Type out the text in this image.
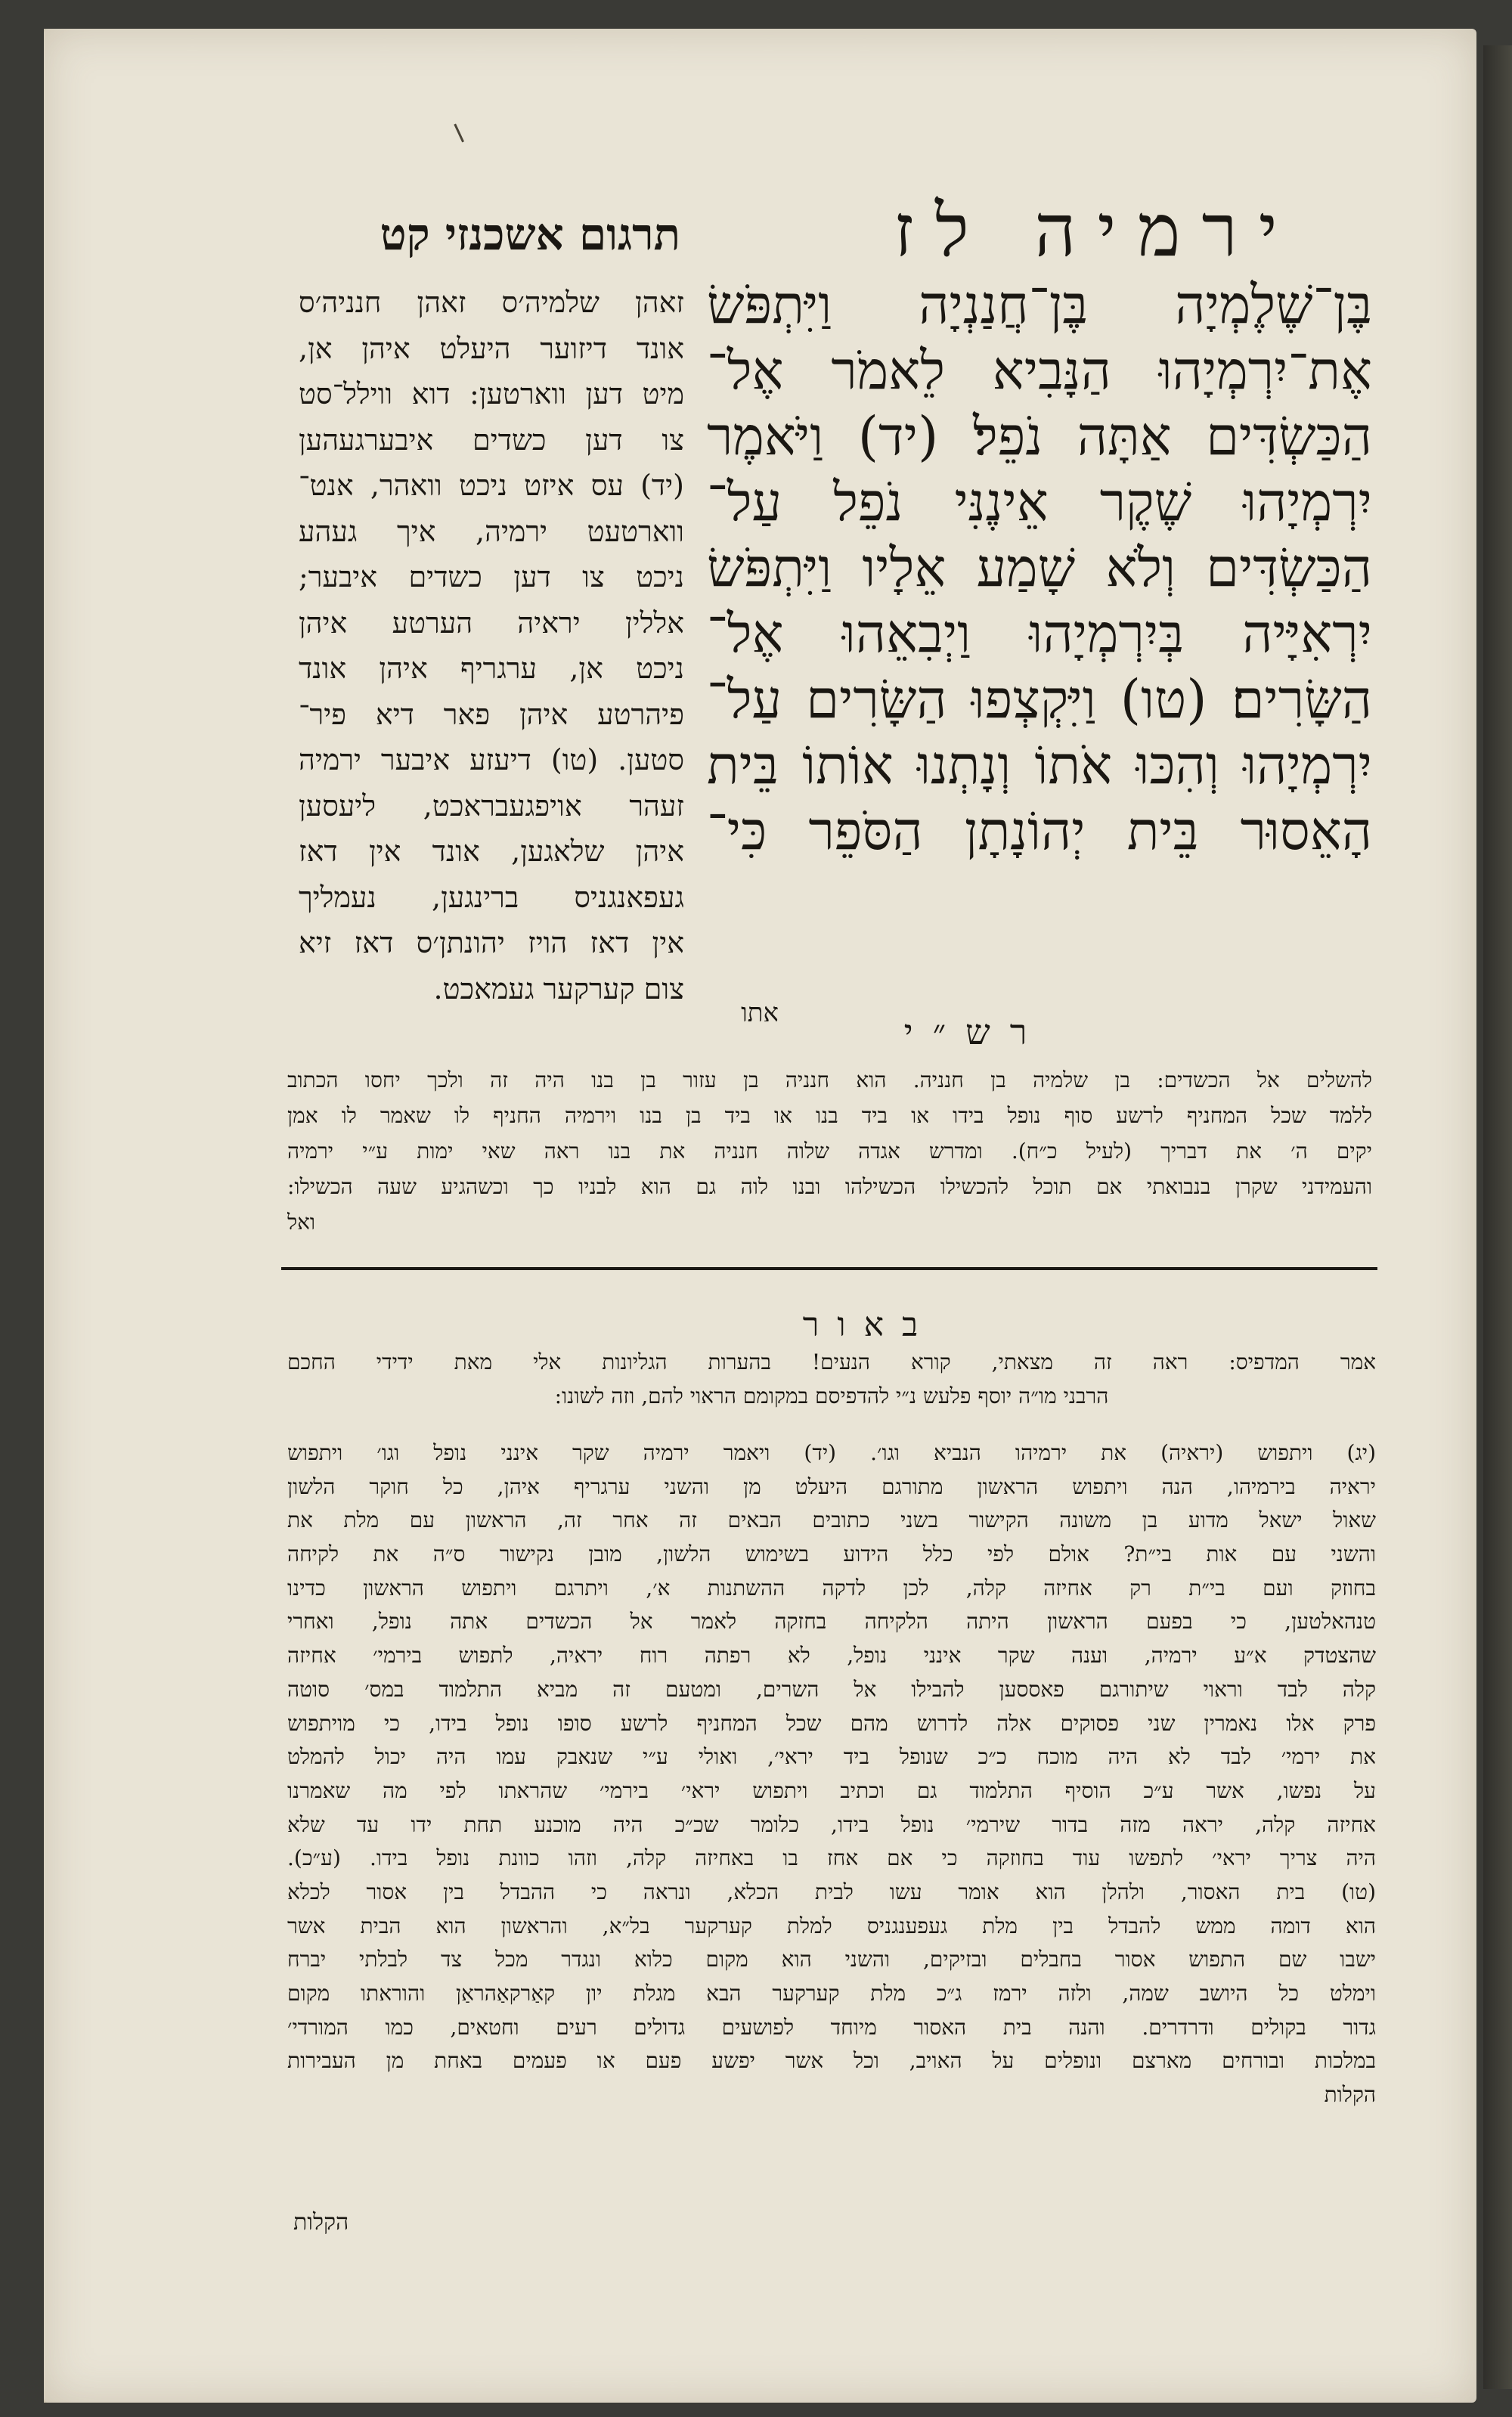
תרגום אשכנזי קט	ירמיה לז
בֶּן־שֶׁלֶמְיָה בֶּן־חֲנַנְיָה וַיִּתְפֹּשׂ
אֶת־יִרְמְיָהוּ הַנָּבִיא לֵאמֹר אֶל־
הַכַּשְׂדִּים אַתָּה נֹפֵל׃ (יד) וַיֹּאמֶר
יִרְמְיָהוּ שֶׁקֶר אֵינֶנִּי נֹפֵל עַל־
הַכַּשְׂדִּים וְלֹא שָׁמַע אֵלָיו וַיִּתְפֹּשׂ
יִרְאִיָּיה בְּיִרְמְיָהוּ וַיְבִאֵהוּ אֶל־
הַשָּׂרִים׃ (טו) וַיִּקְצְפוּ הַשָּׂרִים עַל־
יִרְמְיָהוּ וְהִכּוּ אֹתוֹ וְנָתְנוּ אוֹתוֹ בֵּית
הָאֵסוּר בֵּית יְהוֹנָתָן הַסֹּפֵר כִּי־
אתו
זאהן שלמיה׳ס זאהן חנניה׳ס
אונד דיזוער היעלט איהן אן,
מיט דען ווארטען: דוא ווילל־סט
צו דען כשדים איבערגעהען
(יד) עס איזט ניכט וואהר, אנט־
ווארטעט ירמיה, איך געהע
ניכט צו דען כשדים איבער;
אללין יראיה הערטע איהן
ניכט אן, ערגריף איהן אונד
פיהרטע איהן פאר דיא פיר־
סטען. (טו) דיעזע איבער ירמיה
זעהר אויפגעבראכט, ליעסען
איהן שלאגען, אונד אין דאז
געפאנגניס ברינגען, נעמליך
אין דאז הויז יהונתן׳ס דאז זיא
צום קערקער געמאכט.
רש״י
להשלים אל הכשדים: בן שלמיה בן חנניה. הוא חנניה בן עזור בן בנו היה זה ולכך יחסו הכתוב
ללמד שכל המחניף לרשע סוף נופל בידו או ביד בנו או ביד בן בנו וירמיה החניף לו שאמר לו אמן
יקים ה׳ את דבריך (לעיל כ״ח). ומדרש אגדה שלוה חנניה את בנו ראה שאי ימות ע״י ירמיה
והעמידני שקרן בנבואתי אם תוכל להכשילו הכשילהו ובנו לוה גם הוא לבניו כך וכשהגיע שעה הכשילו:
ואל
באור
אמר המדפיס: ראה זה מצאתי, קורא הנעים! בהערות הגליונות אלי מאת ידידי החכם
הרבני מו״ה יוסף פלעש נ״י להדפיסם במקומם הראוי להם, וזה לשונו:
(יג) ויתפוש (יראיה) את ירמיהו הנביא וגו׳. (יד) ויאמר ירמיה שקר אינני נופל וגו׳ ויתפוש
יראיה בירמיהו, הנה ויתפוש הראשון מתורגם היעלט מן והשני ערגריף איהן, כל חוקר הלשון
שאול ישאל מדוע בן משונה הקישור בשני כתובים הבאים זה אחר זה, הראשון עם מלת את
והשני עם אות בי״ת? אולם לפי כלל הידוע בשימוש הלשון, מובן נקישור ס״ה את לקיחה
בחוזק ועם בי״ת רק אחיזה קלה, לכן לדקה ההשתנות א׳, ויתרגם ויתפוש הראשון כדינו
טנהאלטען, כי בפעם הראשון היתה הלקיחה בחזקה לאמר אל הכשדים אתה נופל, ואחרי
שהצטדק א״ע ירמיה, וענה שקר אינני נופל, לא רפתה רוח יראיה, לתפוש בירמי׳ אחיזה
קלה לבד וראוי שיתורגם פאססען להבילו אל השרים, ומטעם זה מביא התלמוד במס׳ סוטה
פרק אלו נאמרין שני פסוקים אלה לדרוש מהם שכל המחניף לרשע סופו נופל בידו, כי מויתפוש
את ירמי׳ לבד לא היה מוכח כ״כ שנופל ביד יראי׳, ואולי ע״י שנאבק עמו היה יכול להמלט
על נפשו, אשר ע״כ הוסיף התלמוד גם וכתיב ויתפוש יראי׳ בירמי׳ שהראתו לפי מה שאמרנו
אחיזה קלה, יראה מזה בדור שירמי׳ נופל בידו, כלומר שכ״כ היה מוכנע תחת ידו עד שלא
היה צריך יראי׳ לתפשו עוד בחוזקה כי אם אחז בו באחיזה קלה, וזהו כוונת נופל בידו. (ע״כ).
(טו) בית האסור, ולהלן הוא אומר עשו לבית הכלא, ונראה כי ההבדל בין אסור לכלא
הוא דומה ממש להבדל בין מלת געפענגניס למלת קערקער בל״א, והראשון הוא הבית אשר
ישבו שם התפוש אסור בחבלים ובזיקים, והשני הוא מקום כלוא ונגדר מכל צד לבלתי יברח
וימלט כל היושב שמה, ולזה ירמז ג״כ מלת קערקער הבא מגלת יון קאַרקאַהראַן והוראתו מקום
גדור בקולים ודרדרים. והנה בית האסור מיוחד לפושעים גדולים רעים וחטאים, כמו המורדי׳
במלכות ובורחים מארצם ונופלים על האויב, וכל אשר יפשע פעם או פעמים באחת מן העבירות
הקלות
הקלות
